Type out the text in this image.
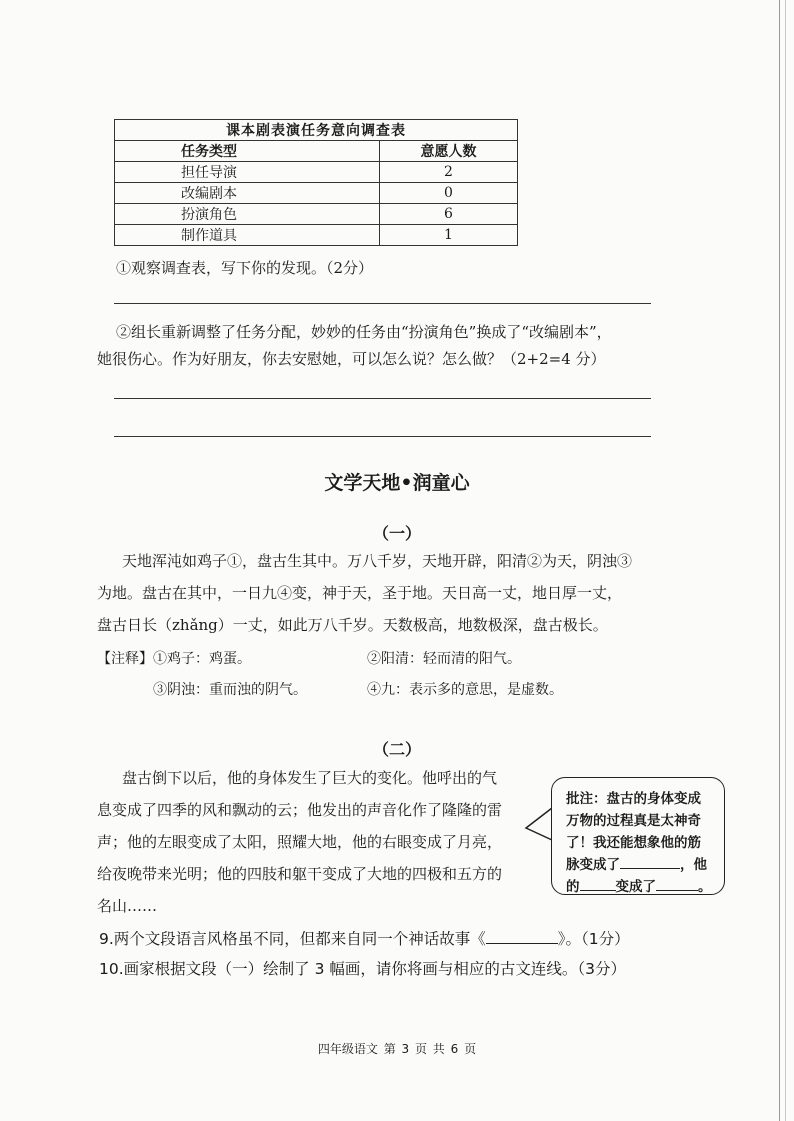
课本剧表演任务意向调查表	
任务类型	意愿人数
担任导演	2
改编剧本	0
扮演角色	6
制作道具	1
①观察调查表，写下你的发现。（2分）
②组长重新调整了任务分配，妙妙的任务由“扮演角色”换成了“改编剧本”，
她很伤心。作为好朋友，你去安慰她，可以怎么说？怎么做？（2+2=4 分）
文学天地•润童心
（一）
天地浑沌如鸡子①，盘古生其中。万八千岁，天地开辟，阳清②为天，阴浊③
为地。盘古在其中，一日九④变，神于天，圣于地。天日高一丈，地日厚一丈，
盘古日长（zhǎng）一丈，如此万八千岁。天数极高，地数极深，盘古极长。
【注释】 ①鸡子：鸡蛋。	②阳清：轻而清的阳气。
③阴浊：重而浊的阴气。	④九：表示多的意思，是虚数。
（二）
盘古倒下以后，他的身体发生了巨大的变化。他呼出的气
息变成了四季的风和飘动的云；他发出的声音化作了隆隆的雷
声；他的左眼变成了太阳，照耀大地，他的右眼变成了月亮，
给夜晚带来光明；他的四肢和躯干变成了大地的四极和五方的
名山……
批注：盘古的身体变成
万物的过程真是太神奇
了！我还能想象他的筋
脉变成了	，他
的	变成了	。
9.两个文段语言风格虽不同，但都来自同一个神话故事《	》。（1分）
10.画家根据文段（一）绘制了 3 幅画，请你将画与相应的古文连线。（3分）
四年级语文 第 3 页 共 6 页
